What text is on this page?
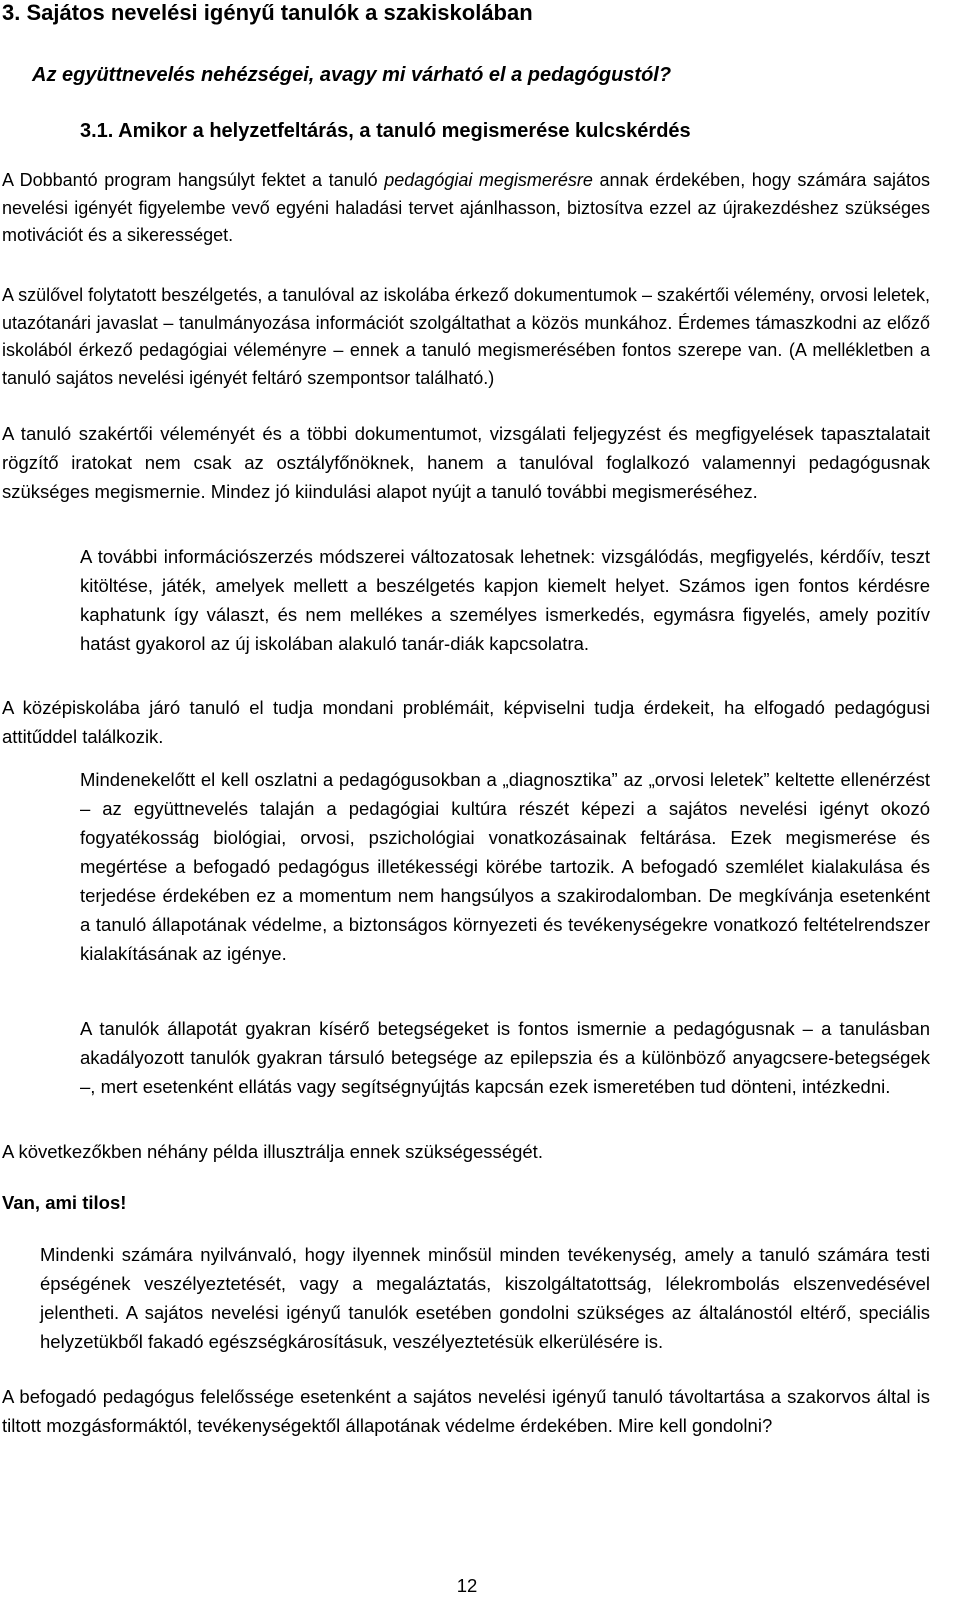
3. Sajátos nevelési igényű tanulók a szakiskolában
Az együttnevelés nehézségei, avagy mi várható el a pedagógustól?
3.1. Amikor a helyzetfeltárás, a tanuló megismerése kulcskérdés

A Dobbantó program hangsúlyt fektet a tanuló pedagógiai megismerésre annak érdekében, hogy számára sajátos nevelési igényét figyelembe vevő egyéni haladási tervet ajánlhasson, biztosítva ezzel az újrakezdéshez szükséges motivációt és a sikerességet.

A szülővel folytatott beszélgetés, a tanulóval az iskolába érkező dokumentumok – szakértői vélemény, orvosi leletek, utazótanári javaslat – tanulmányozása információt szolgáltathat a közös munkához. Érdemes támaszkodni az előző iskolából érkező pedagógiai véleményre – ennek a tanuló megismerésében fontos szerepe van. (A mellékletben a tanuló sajátos nevelési igényét feltáró szempontsor található.)

A tanuló szakértői véleményét és a többi dokumentumot, vizsgálati feljegyzést és megfigyelések tapasztalatait rögzítő iratokat nem csak az osztályfőnöknek, hanem a tanulóval foglalkozó valamennyi pedagógusnak szükséges megismernie. Mindez jó kiindulási alapot nyújt a tanuló további megismeréséhez.

A további információszerzés módszerei változatosak lehetnek: vizsgálódás, megfigyelés, kérdőív, teszt kitöltése, játék, amelyek mellett a beszélgetés kapjon kiemelt helyet. Számos igen fontos kérdésre kaphatunk így választ, és nem mellékes a személyes ismerkedés, egymásra figyelés, amely pozitív hatást gyakorol az új iskolában alakuló tanár-diák kapcsolatra.

A középiskolába járó tanuló el tudja mondani problémáit, képviselni tudja érdekeit, ha elfogadó pedagógusi attitűddel találkozik.

Mindenekelőtt el kell oszlatni a pedagógusokban a „diagnosztika” az „orvosi leletek” keltette ellenérzést – az együttnevelés talaján a pedagógiai kultúra részét képezi a sajátos nevelési igényt okozó fogyatékosság biológiai, orvosi, pszichológiai vonatkozásainak feltárása. Ezek megismerése és megértése a befogadó pedagógus illetékességi körébe tartozik. A befogadó szemlélet kialakulása és terjedése érdekében ez a momentum nem hangsúlyos a szakirodalomban. De megkívánja esetenként a tanuló állapotának védelme, a biztonságos környezeti és tevékenységekre vonatkozó feltételrendszer kialakításának az igénye.

A tanulók állapotát gyakran kísérő betegségeket is fontos ismernie a pedagógusnak – a tanulásban akadályozott tanulók gyakran társuló betegsége az epilepszia és a különböző anyagcsere-betegségek –, mert esetenként ellátás vagy segítségnyújtás kapcsán ezek ismeretében tud dönteni, intézkedni.

A következőkben néhány példa illusztrálja ennek szükségességét.

Van, ami tilos!

Mindenki számára nyilvánvaló, hogy ilyennek minősül minden tevékenység, amely a tanuló számára testi épségének veszélyeztetését, vagy a megaláztatás, kiszolgáltatottság, lélekrombolás elszenvedésével jelentheti. A sajátos nevelési igényű tanulók esetében gondolni szükséges az általánostól eltérő, speciális helyzetükből fakadó egészségkárosításuk, veszélyeztetésük elkerülésére is.

A befogadó pedagógus felelőssége esetenként a sajátos nevelési igényű tanuló távoltartása a szakorvos által is tiltott mozgásformáktól, tevékenységektől állapotának védelme érdekében. Mire kell gondolni?

12
